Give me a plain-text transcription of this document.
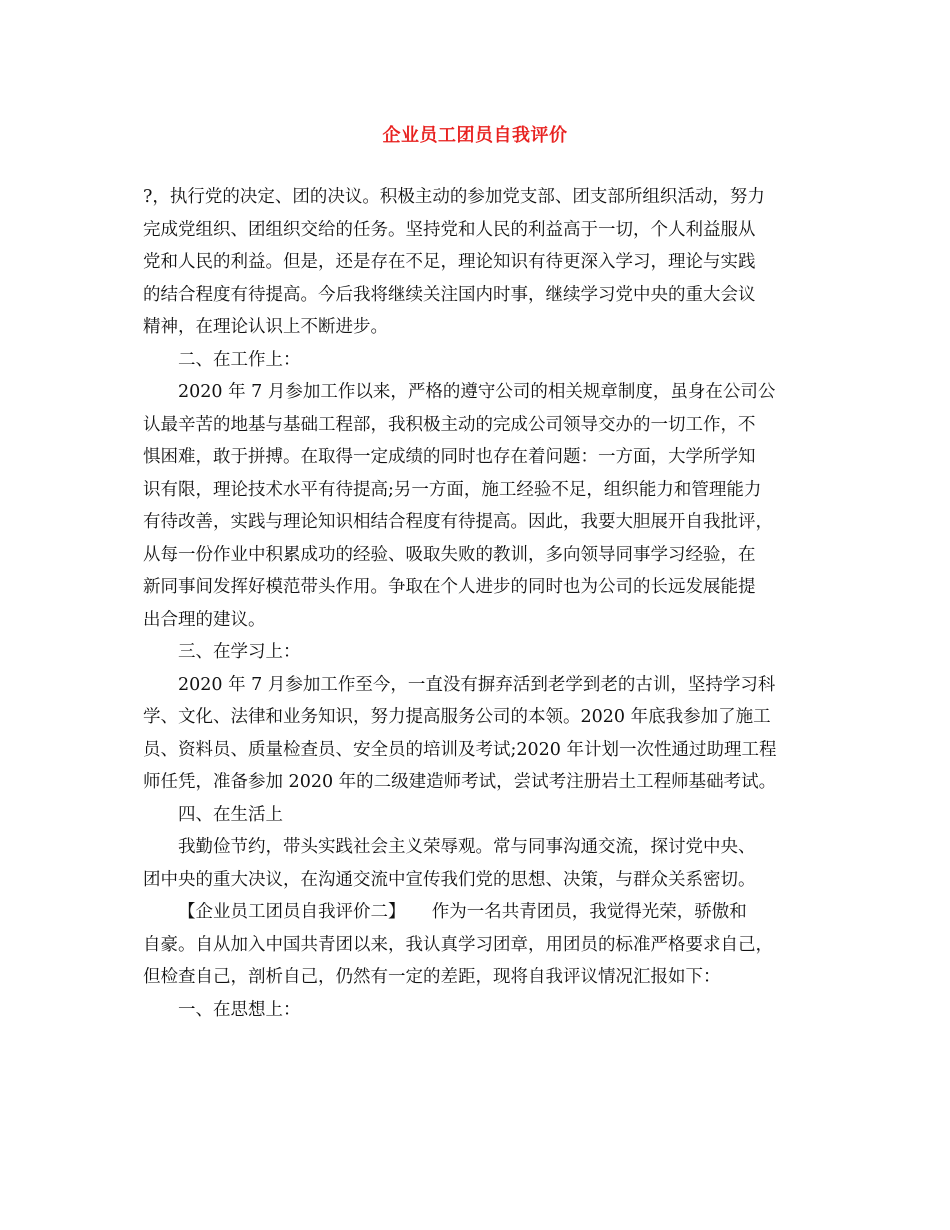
企业员工团员自我评价
?，执行党的决定、团的决议。积极主动的参加党支部、团支部所组织活动，努力
完成党组织、团组织交给的任务。坚持党和人民的利益高于一切，个人利益服从
党和人民的利益。但是，还是存在不足，理论知识有待更深入学习，理论与实践
的结合程度有待提高。今后我将继续关注国内时事，继续学习党中央的重大会议
精神，在理论认识上不断进步。
二、在工作上：
2020 年 7 月参加工作以来，严格的遵守公司的相关规章制度，虽身在公司公
认最辛苦的地基与基础工程部，我积极主动的完成公司领导交办的一切工作，不
惧困难，敢于拼搏。在取得一定成绩的同时也存在着问题：一方面，大学所学知
识有限，理论技术水平有待提高;另一方面，施工经验不足，组织能力和管理能力
有待改善，实践与理论知识相结合程度有待提高。因此，我要大胆展开自我批评，
从每一份作业中积累成功的经验、吸取失败的教训，多向领导同事学习经验，在
新同事间发挥好模范带头作用。争取在个人进步的同时也为公司的长远发展能提
出合理的建议。
三、在学习上：
2020 年 7 月参加工作至今，一直没有摒弃活到老学到老的古训，坚持学习科
学、文化、法律和业务知识，努力提高服务公司的本领。2020 年底我参加了施工
员、资料员、质量检查员、安全员的培训及考试;2020 年计划一次性通过助理工程
师任凭，准备参加 2020 年的二级建造师考试，尝试考注册岩土工程师基础考试。
四、在生活上
我勤俭节约，带头实践社会主义荣辱观。常与同事沟通交流，探讨党中央、
团中央的重大决议，在沟通交流中宣传我们党的思想、决策，与群众关系密切。
【企业员工团员自我评价二】　　作为一名共青团员，我觉得光荣，骄傲和
自豪。自从加入中国共青团以来，我认真学习团章，用团员的标准严格要求自己，
但检查自己，剖析自己，仍然有一定的差距，现将自我评议情况汇报如下：
一、在思想上：
